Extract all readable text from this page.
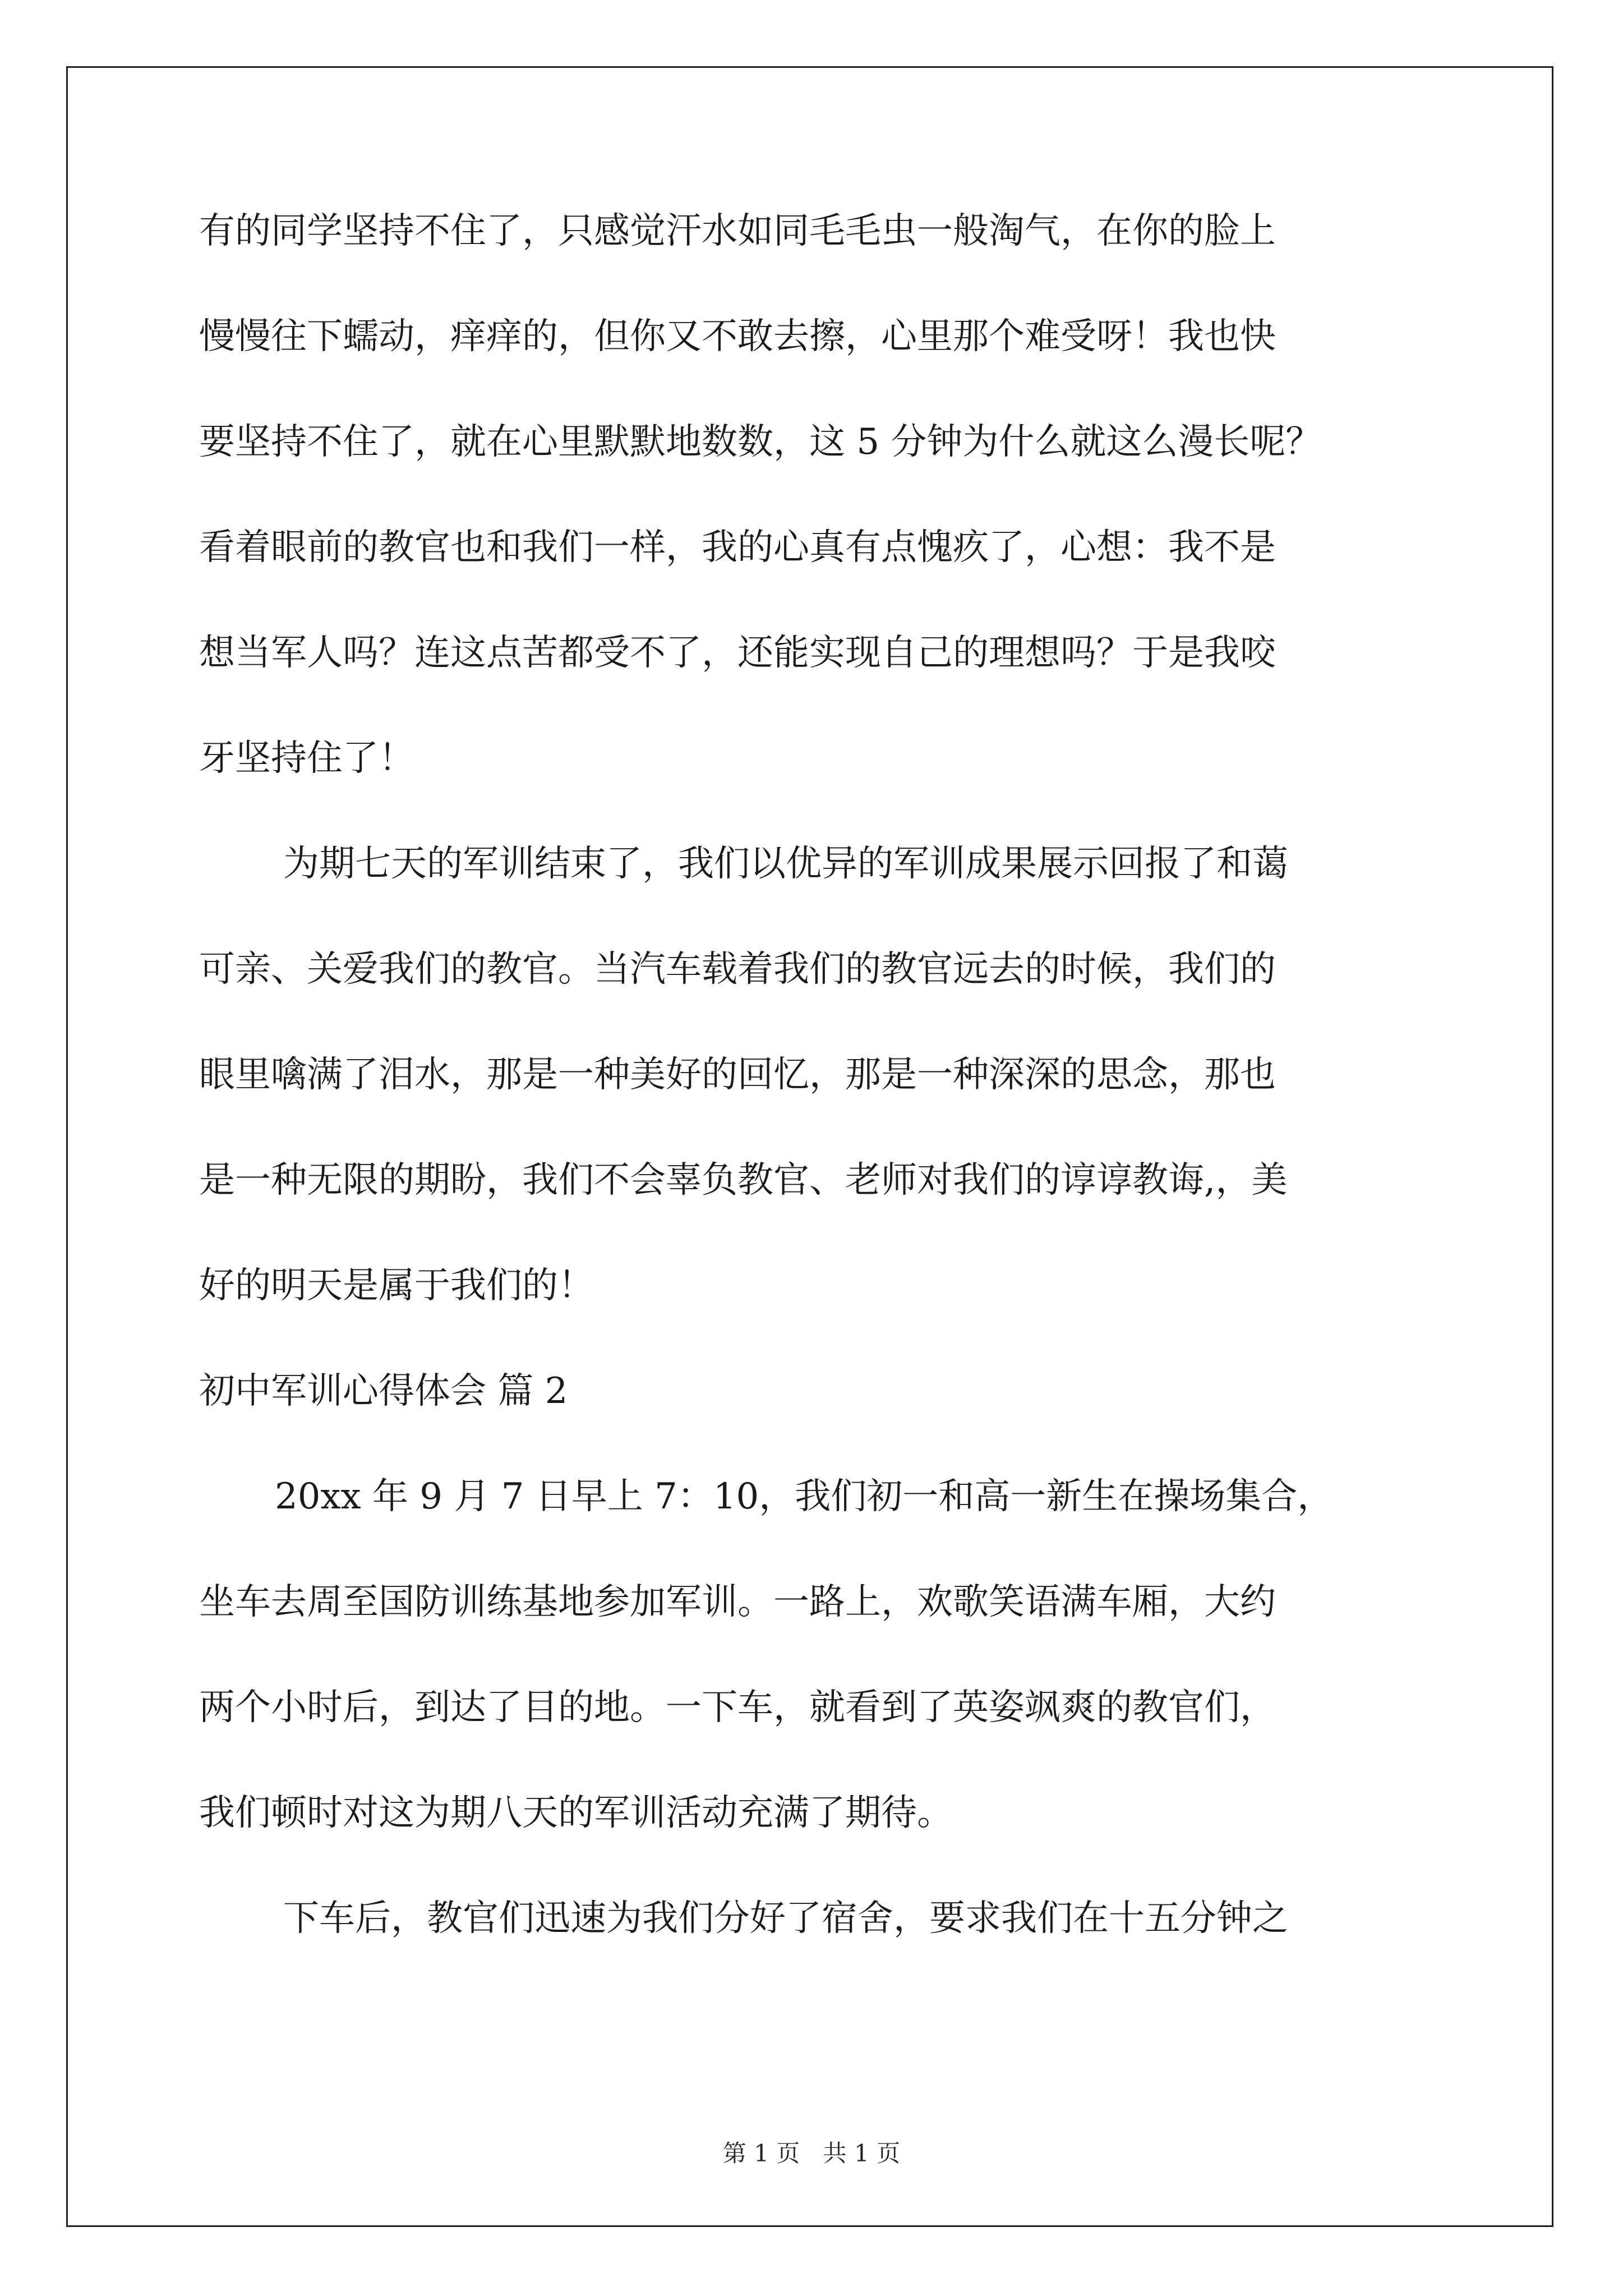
有的同学坚持不住了，只感觉汗水如同毛毛虫一般淘气，在你的脸上
慢慢往下蠕动，痒痒的，但你又不敢去擦，心里那个难受呀！我也快
要坚持不住了，就在心里默默地数数，这 5 分钟为什么就这么漫长呢？
看着眼前的教官也和我们一样，我的心真有点愧疚了，心想：我不是
想当军人吗？连这点苦都受不了，还能实现自己的理想吗？于是我咬
牙坚持住了！
为期七天的军训结束了，我们以优异的军训成果展示回报了和蔼
可亲、关爱我们的教官。当汽车载着我们的教官远去的时候，我们的
眼里噙满了泪水，那是一种美好的回忆，那是一种深深的思念，那也
是一种无限的期盼，我们不会辜负教官、老师对我们的谆谆教诲,，美
好的明天是属于我们的！
初中军训心得体会 篇 2
20xx 年 9 月 7 日早上 7：10，我们初一和高一新生在操场集合，
坐车去周至国防训练基地参加军训。一路上，欢歌笑语满车厢，大约
两个小时后，到达了目的地。一下车，就看到了英姿飒爽的教官们，
我们顿时对这为期八天的军训活动充满了期待。
下车后，教官们迅速为我们分好了宿舍，要求我们在十五分钟之
第 1 页 共 1 页
